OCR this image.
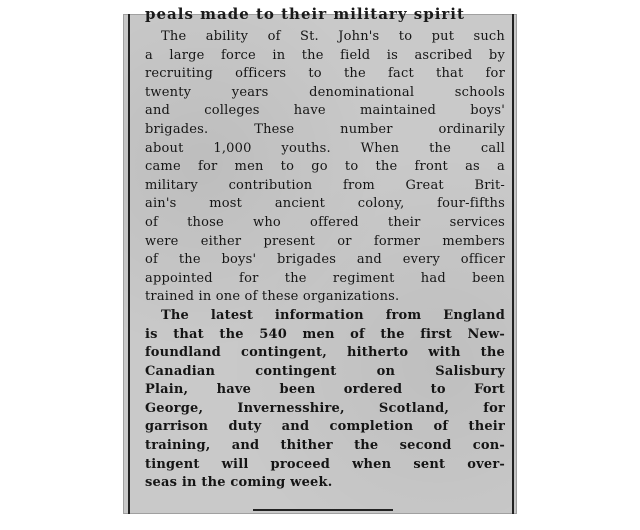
peals made to their military spirit

The ability of St. John's to put such
a large force in the field is ascribed by
recruiting officers to the fact that for
twenty years denominational schools
and colleges have maintained boys'
brigades. These number ordinarily
about 1,000 youths. When the call
came for men to go to the front as a
military contribution from Great Brit-
ain's most ancient colony, four-fifths
of those who offered their services
were either present or former members
of the boys' brigades and every officer
appointed for the regiment had been
trained in one of these organizations.

The latest information from England
is that the 540 men of the first New-
foundland contingent, hitherto with the
Canadian contingent on Salisbury
Plain, have been ordered to Fort
George, Invernesshire, Scotland, for
garrison duty and completion of their
training, and thither the second con-
tingent will proceed when sent over-
seas in the coming week.
